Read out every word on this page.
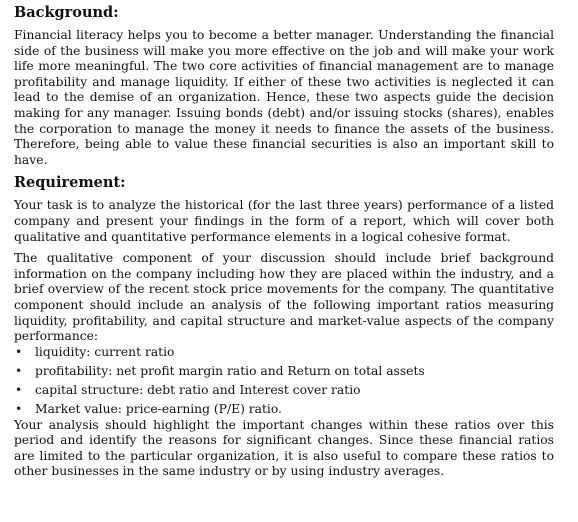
Background:

Financial literacy helps you to become a better manager. Understanding the financial side of the business will make you more effective on the job and will make your work life more meaningful. The two core activities of financial management are to manage profitability and manage liquidity. If either of these two activities is neglected it can lead to the demise of an organization. Hence, these two aspects guide the decision making for any manager. Issuing bonds (debt) and/or issuing stocks (shares), enables the corporation to manage the money it needs to finance the assets of the business. Therefore, being able to value these financial securities is also an important skill to have.

Requirement:

Your task is to analyze the historical (for the last three years) performance of a listed company and present your findings in the form of a report, which will cover both qualitative and quantitative performance elements in a logical cohesive format.

The qualitative component of your discussion should include brief background information on the company including how they are placed within the industry, and a brief overview of the recent stock price movements for the company. The quantitative component should include an analysis of the following important ratios measuring liquidity, profitability, and capital structure and market-value aspects of the company performance:

• liquidity: current ratio
• profitability: net profit margin ratio and Return on total assets
• capital structure: debt ratio and Interest cover ratio
• Market value: price-earning (P/E) ratio.

Your analysis should highlight the important changes within these ratios over this period and identify the reasons for significant changes. Since these financial ratios are limited to the particular organization, it is also useful to compare these ratios to other businesses in the same industry or by using industry averages.
